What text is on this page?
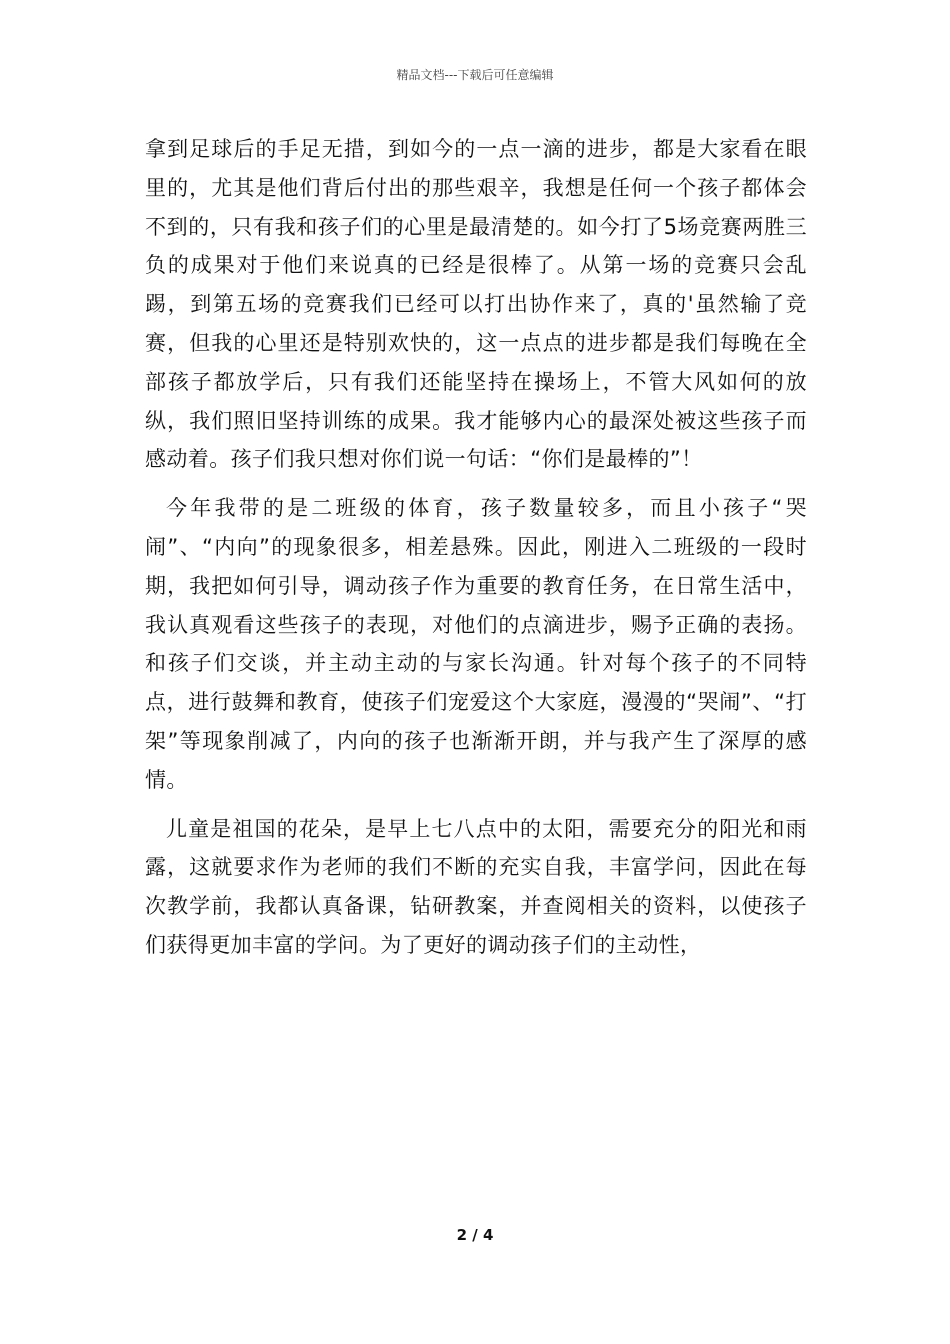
精品文档---下载后可任意编辑

拿到足球后的手足无措，到如今的一点一滴的进步，都是大家看在眼里的，尤其是他们背后付出的那些艰辛，我想是任何一个孩子都体会不到的，只有我和孩子们的心里是最清楚的。如今打了5场竞赛两胜三负的成果对于他们来说真的已经是很棒了。从第一场的竞赛只会乱踢，到第五场的竞赛我们已经可以打出协作来了，真的'虽然输了竞赛，但我的心里还是特别欢快的，这一点点的进步都是我们每晚在全部孩子都放学后，只有我们还能坚持在操场上，不管大风如何的放纵，我们照旧坚持训练的成果。我才能够内心的最深处被这些孩子而感动着。孩子们我只想对你们说一句话：“你们是最棒的”！

今年我带的是二班级的体育，孩子数量较多，而且小孩子“哭闹”、“内向”的现象很多，相差悬殊。因此，刚进入二班级的一段时期，我把如何引导，调动孩子作为重要的教育任务，在日常生活中，我认真观看这些孩子的表现，对他们的点滴进步，赐予正确的表扬。和孩子们交谈，并主动主动的与家长沟通。针对每个孩子的不同特点，进行鼓舞和教育，使孩子们宠爱这个大家庭，漫漫的“哭闹”、“打架”等现象削减了，内向的孩子也渐渐开朗，并与我产生了深厚的感情。

儿童是祖国的花朵，是早上七八点中的太阳，需要充分的阳光和雨露，这就要求作为老师的我们不断的充实自我，丰富学问，因此在每次教学前，我都认真备课，钻研教案，并查阅相关的资料，以使孩子们获得更加丰富的学问。为了更好的调动孩子们的主动性，

2 / 4
